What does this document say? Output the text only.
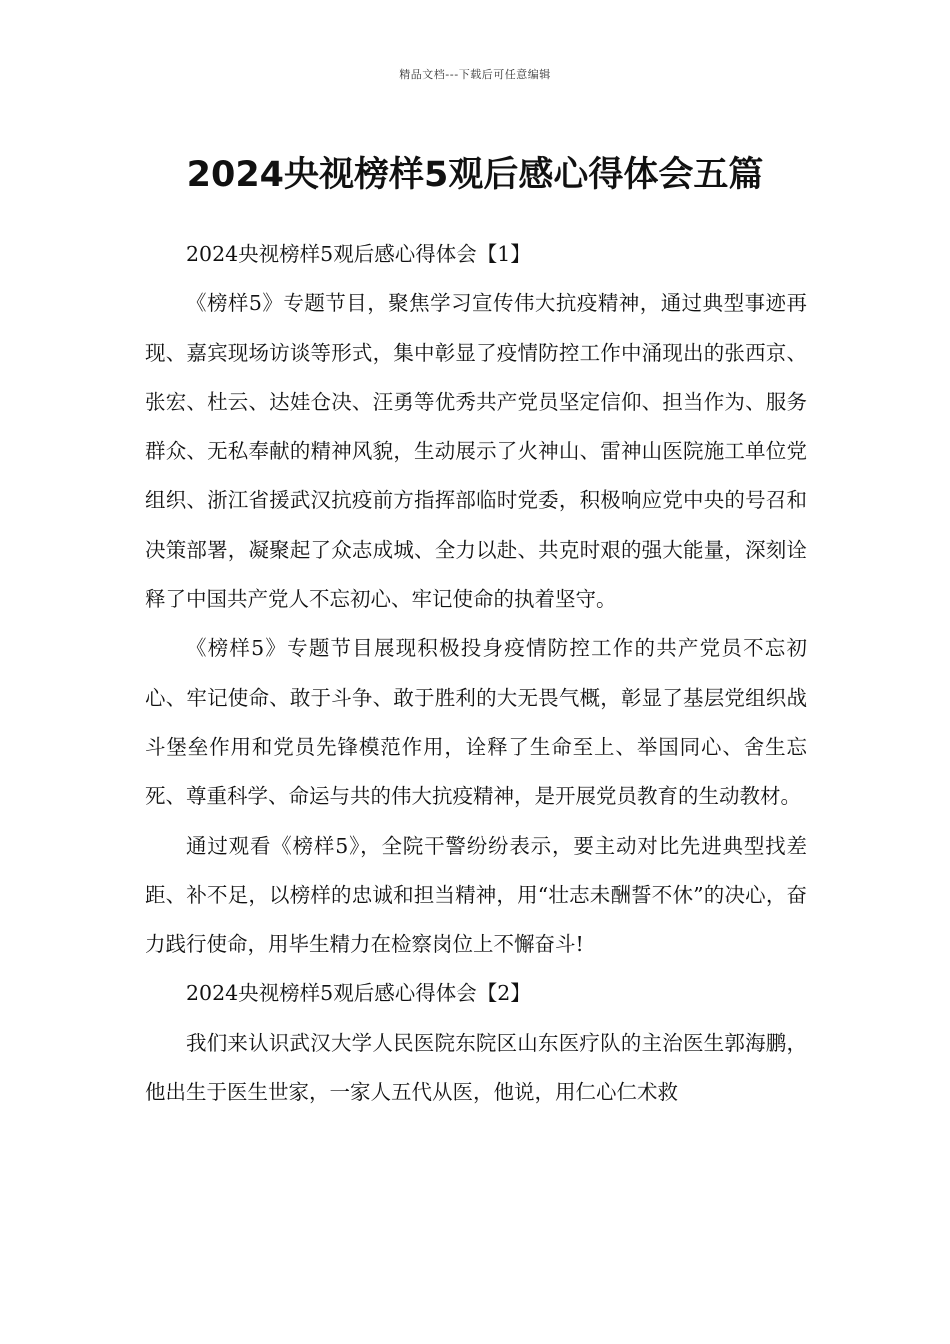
精品文档---下载后可任意编辑
2024央视榜样5观后感心得体会五篇

2024央视榜样5观后感心得体会【1】

《榜样5》专题节目，聚焦学习宣传伟大抗疫精神，通过典型事迹再现、嘉宾现场访谈等形式，集中彰显了疫情防控工作中涌现出的张西京、张宏、杜云、达娃仓决、汪勇等优秀共产党员坚定信仰、担当作为、服务群众、无私奉献的精神风貌，生动展示了火神山、雷神山医院施工单位党组织、浙江省援武汉抗疫前方指挥部临时党委，积极响应党中央的号召和决策部署，凝聚起了众志成城、全力以赴、共克时艰的强大能量，深刻诠释了中国共产党人不忘初心、牢记使命的执着坚守。

《榜样5》专题节目展现积极投身疫情防控工作的共产党员不忘初心、牢记使命、敢于斗争、敢于胜利的大无畏气概，彰显了基层党组织战斗堡垒作用和党员先锋模范作用，诠释了生命至上、举国同心、舍生忘死、尊重科学、命运与共的伟大抗疫精神，是开展党员教育的生动教材。

通过观看《榜样5》，全院干警纷纷表示，要主动对比先进典型找差距、补不足，以榜样的忠诚和担当精神，用“壮志未酬誓不休”的决心，奋力践行使命，用毕生精力在检察岗位上不懈奋斗!

2024央视榜样5观后感心得体会【2】

我们来认识武汉大学人民医院东院区山东医疗队的主治医生郭海鹏，他出生于医生世家，一家人五代从医，他说，用仁心仁术救
